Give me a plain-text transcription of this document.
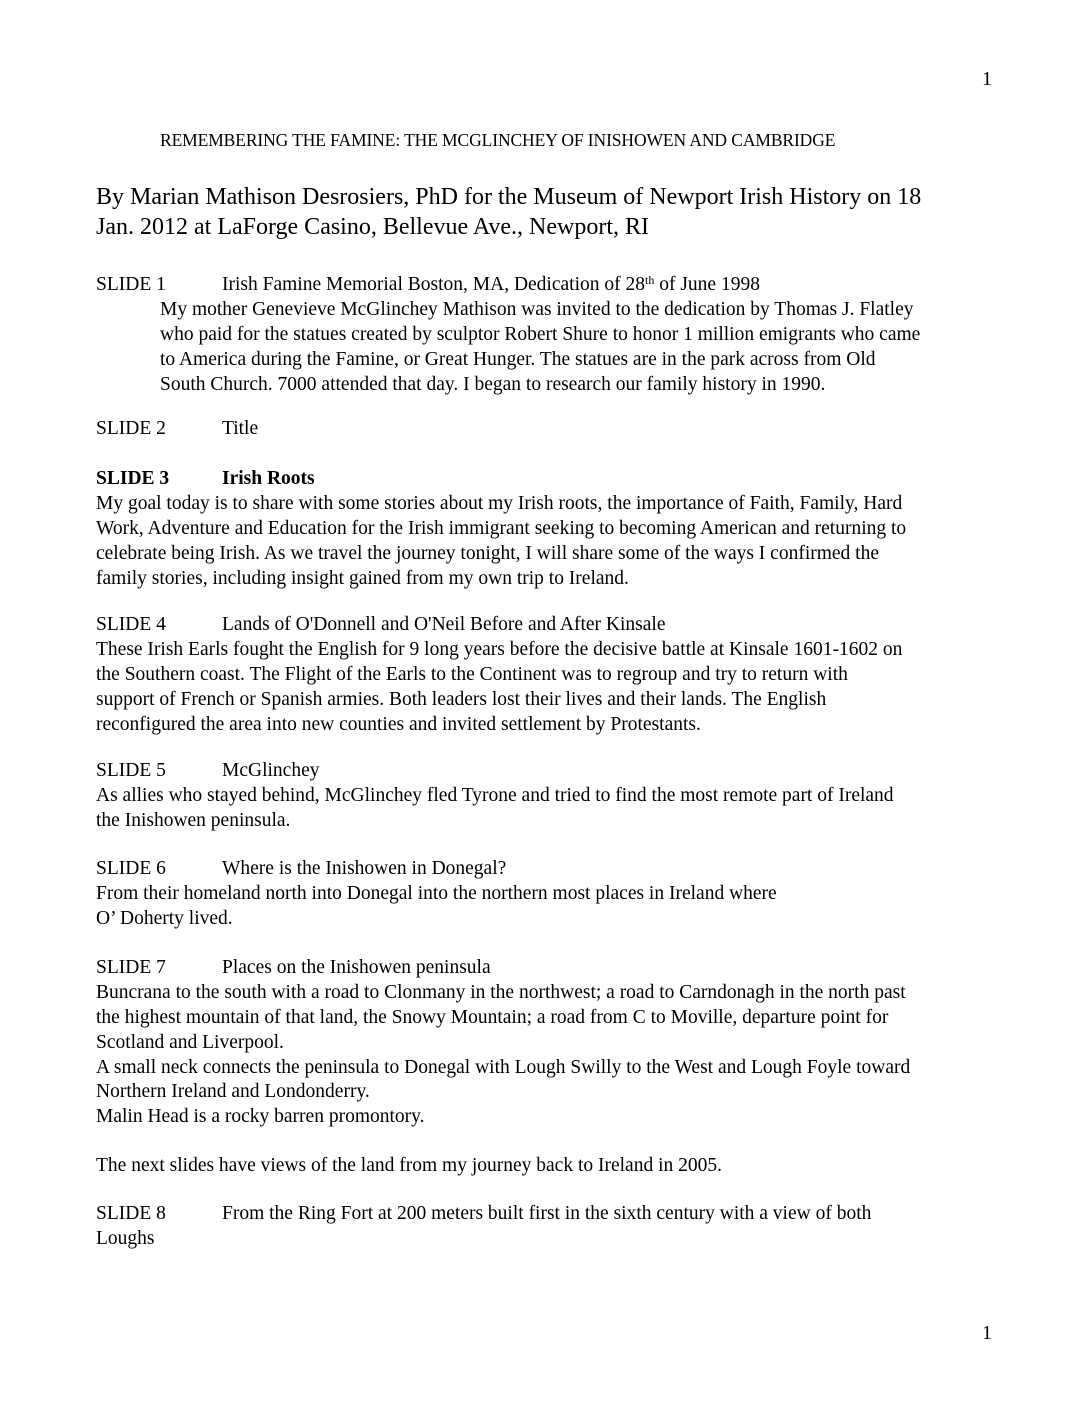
1
REMEMBERING THE FAMINE: THE MCGLINCHEY OF INISHOWEN AND CAMBRIDGE
By Marian Mathison Desrosiers, PhD for the Museum of Newport Irish History on 18
Jan. 2012 at LaForge Casino, Bellevue Ave., Newport, RI
SLIDE 1	Irish Famine Memorial Boston, MA, Dedication of 28th of June 1998
My mother Genevieve McGlinchey Mathison was invited to the dedication by Thomas J. Flatley
who paid for the statues created by sculptor Robert Shure to honor 1 million emigrants who came
to America during the Famine, or Great Hunger. The statues are in the park across from Old
South Church. 7000 attended that day. I began to research our family history in 1990.
SLIDE 2	Title
SLIDE 3	Irish Roots
My goal today is to share with some stories about my Irish roots, the importance of Faith, Family, Hard
Work, Adventure and Education for the Irish immigrant seeking to becoming American and returning to
celebrate being Irish. As we travel the journey tonight, I will share some of the ways I confirmed the
family stories, including insight gained from my own trip to Ireland.
SLIDE 4	Lands of O'Donnell and O'Neil Before and After Kinsale
These Irish Earls fought the English for 9 long years before the decisive battle at Kinsale 1601-1602 on
the Southern coast. The Flight of the Earls to the Continent was to regroup and try to return with
support of French or Spanish armies. Both leaders lost their lives and their lands. The English
reconfigured the area into new counties and invited settlement by Protestants.
SLIDE 5	McGlinchey
As allies who stayed behind, McGlinchey fled Tyrone and tried to find the most remote part of Ireland
the Inishowen peninsula.
SLIDE 6	Where is the Inishowen in Donegal?
From their homeland north into Donegal into the northern most places in Ireland where
O’ Doherty lived.
SLIDE 7	Places on the Inishowen peninsula
Buncrana to the south with a road to Clonmany in the northwest; a road to Carndonagh in the north past
the highest mountain of that land, the Snowy Mountain; a road from C to Moville, departure point for
Scotland and Liverpool.
A small neck connects the peninsula to Donegal with Lough Swilly to the West and Lough Foyle toward
Northern Ireland and Londonderry.
Malin Head is a rocky barren promontory.
The next slides have views of the land from my journey back to Ireland in 2005.
SLIDE 8	From the Ring Fort at 200 meters built first in the sixth century with a view of both
Loughs
1
